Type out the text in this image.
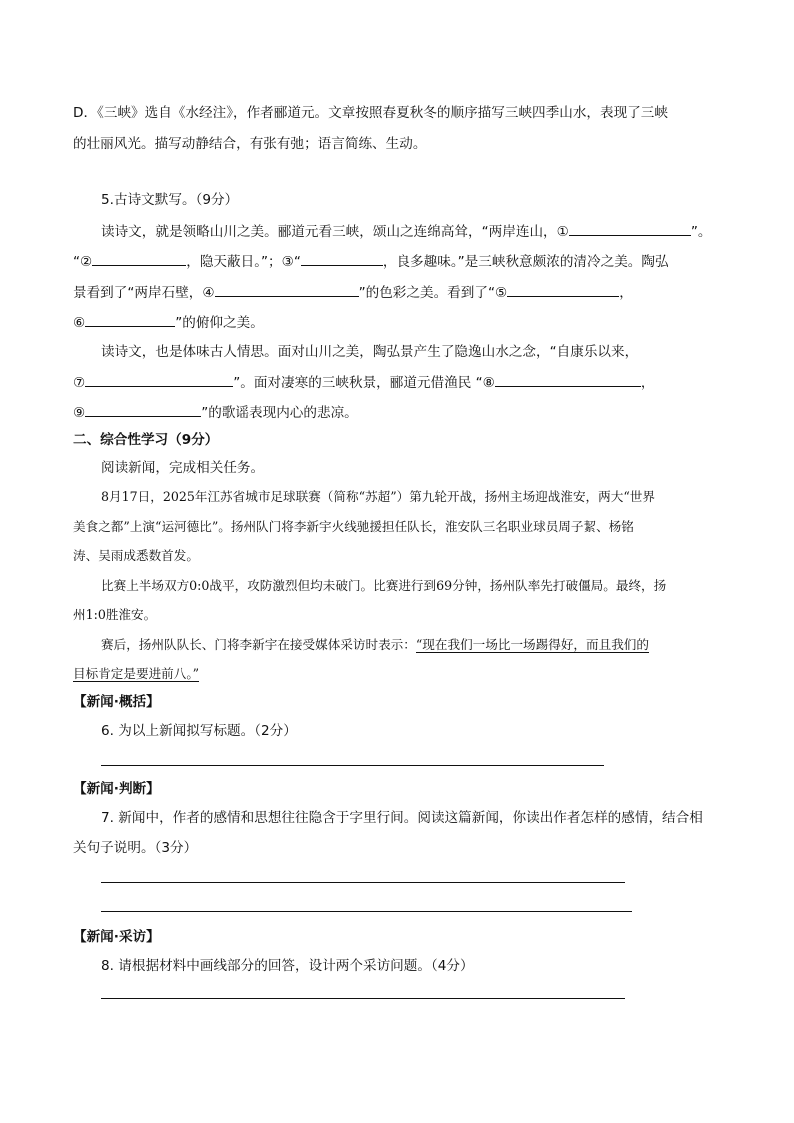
D．《三峡》选自《水经注》，作者郦道元。文章按照春夏秋冬的顺序描写三峡四季山水，表现了三峡
的壮丽风光。描写动静结合，有张有弛；语言简练、生动。
5.古诗文默写。（9分）
读诗文，就是领略山川之美。郦道元看三峡，颂山之连绵高耸，“两岸连山，①	”。
“②	，隐天蔽日。”；③“	，良多趣味。”是三峡秋意颇浓的清冷之美。陶弘
景看到了“两岸石壁，④	”的色彩之美。看到了“⑤	，
⑥	”的俯仰之美。
读诗文，也是体味古人情思。面对山川之美，陶弘景产生了隐逸山水之念，“自康乐以来，
⑦	”。面对凄寒的三峡秋景，郦道元借渔民 “⑧	，
⑨	”的歌谣表现内心的悲凉。
二、综合性学习（9分）
阅读新闻，完成相关任务。
8月17日，2025年江苏省城市足球联赛（简称“苏超”）第九轮开战，扬州主场迎战淮安，两大“世界
美食之都”上演“运河德比”。扬州队门将李新宇火线驰援担任队长，淮安队三名职业球员周子絜、杨铭
涛、吴雨成悉数首发。
比赛上半场双方0:0战平，攻防激烈但均未破门。比赛进行到69分钟，扬州队率先打破僵局。最终，扬
州1:0胜淮安。
赛后，扬州队队长、门将李新宇在接受媒体采访时表示：“现在我们一场比一场踢得好，而且我们的
目标肯定是要进前八。”
【新闻·概括】
6. 为以上新闻拟写标题。（2分）
【新闻·判断】
7. 新闻中，作者的感情和思想往往隐含于字里行间。阅读这篇新闻，你读出作者怎样的感情，结合相
关句子说明。（3分）
【新闻·采访】
8. 请根据材料中画线部分的回答，设计两个采访问题。（4分）
